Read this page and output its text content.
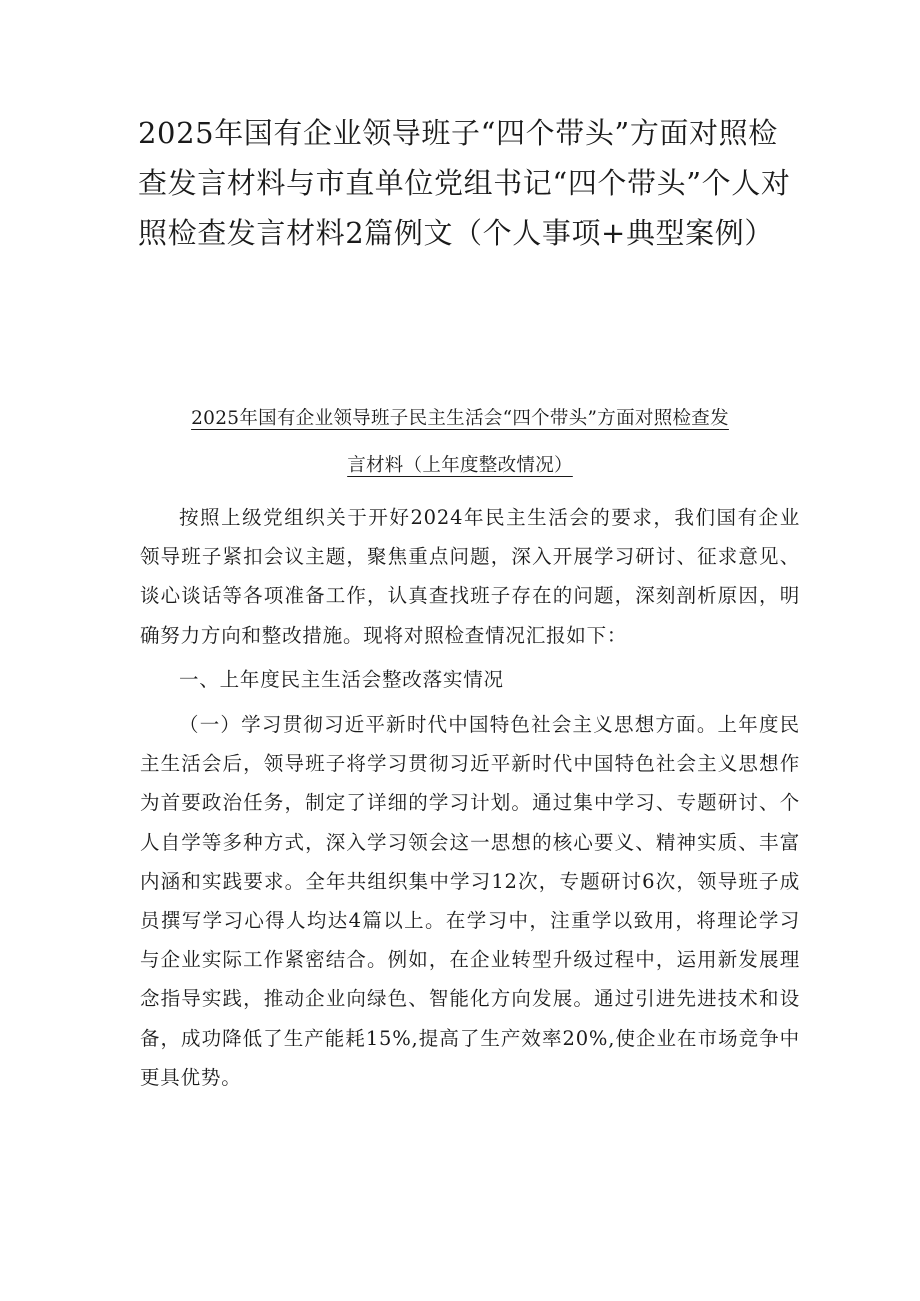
2025年国有企业领导班子“四个带头”方面对照检查发言材料与市直单位党组书记“四个带头”个人对照检查发言材料2篇例文（个人事项+典型案例）
2025年国有企业领导班子民主生活会“四个带头”方面对照检查发
言材料（上年度整改情况）

按照上级党组织关于开好2024年民主生活会的要求，我们国有企业领导班子紧扣会议主题，聚焦重点问题，深入开展学习研讨、征求意见、谈心谈话等各项准备工作，认真查找班子存在的问题，深刻剖析原因，明确努力方向和整改措施。现将对照检查情况汇报如下：

一、上年度民主生活会整改落实情况

（一）学习贯彻习近平新时代中国特色社会主义思想方面。上年度民主生活会后，领导班子将学习贯彻习近平新时代中国特色社会主义思想作为首要政治任务，制定了详细的学习计划。通过集中学习、专题研讨、个人自学等多种方式，深入学习领会这一思想的核心要义、精神实质、丰富内涵和实践要求。全年共组织集中学习12次，专题研讨6次，领导班子成员撰写学习心得人均达4篇以上。在学习中，注重学以致用，将理论学习与企业实际工作紧密结合。例如，在企业转型升级过程中，运用新发展理念指导实践，推动企业向绿色、智能化方向发展。通过引进先进技术和设备，成功降低了生产能耗15%,提高了生产效率20%,使企业在市场竞争中更具优势。
